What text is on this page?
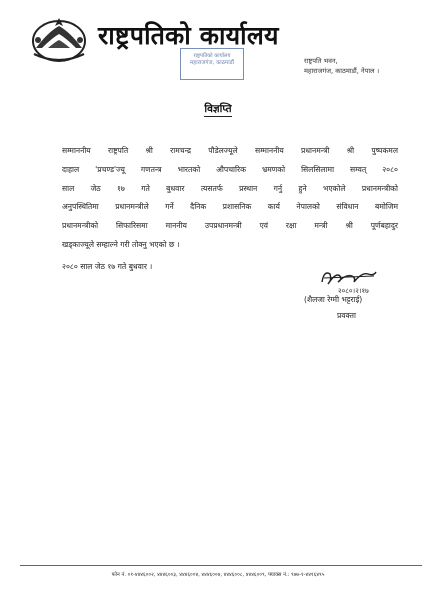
राष्ट्रपतिको कार्यालय
राष्ट्रपति भवन,
महाराजगंज, काठमाडौं, नेपाल ।
राष्ट्रपतिको कार्यालय
महाराजगंज, काठमाडौं
विज्ञप्ति
सम्माननीय राष्ट्रपति श्री रामचन्द्र पौडेलज्यूले सम्माननीय प्रधानमन्त्री श्री पुष्पकमल
दाहाल 'प्रचण्ड'ज्यू गणतन्त्र भारतको औपचारिक भ्रमणको सिलसिलामा सम्वत् २०८०
साल जेठ १७ गते बुधवार त्यसतर्फ प्रस्थान गर्नु हुने भएकोले प्रधानमन्त्रीको
अनुपस्थितिमा प्रधानमन्त्रीले गर्ने दैनिक प्रशासनिक कार्य नेपालको संविधान बमोजिम
प्रधानमन्त्रीको सिफारिसमा माननीय उपप्रधानमन्त्री एवं रक्षा मन्त्री श्री पूर्णबहादुर
खड्काज्यूले सम्हाल्ने गरी तोक्नु भएको छ ।
२०८० साल जेठ १७ गते बुधवार ।
२०८०।२।१७
(शैलजा रेग्मी भट्टराई)
प्रवक्ता
फोन नं. ०१-४४४६००२, ४४४६००३, ४४४६००४, ४४४६००७, ४४४६००८, ४४४६००९, फ्याक्स नं.: ९७७-१-४४१६४९५
